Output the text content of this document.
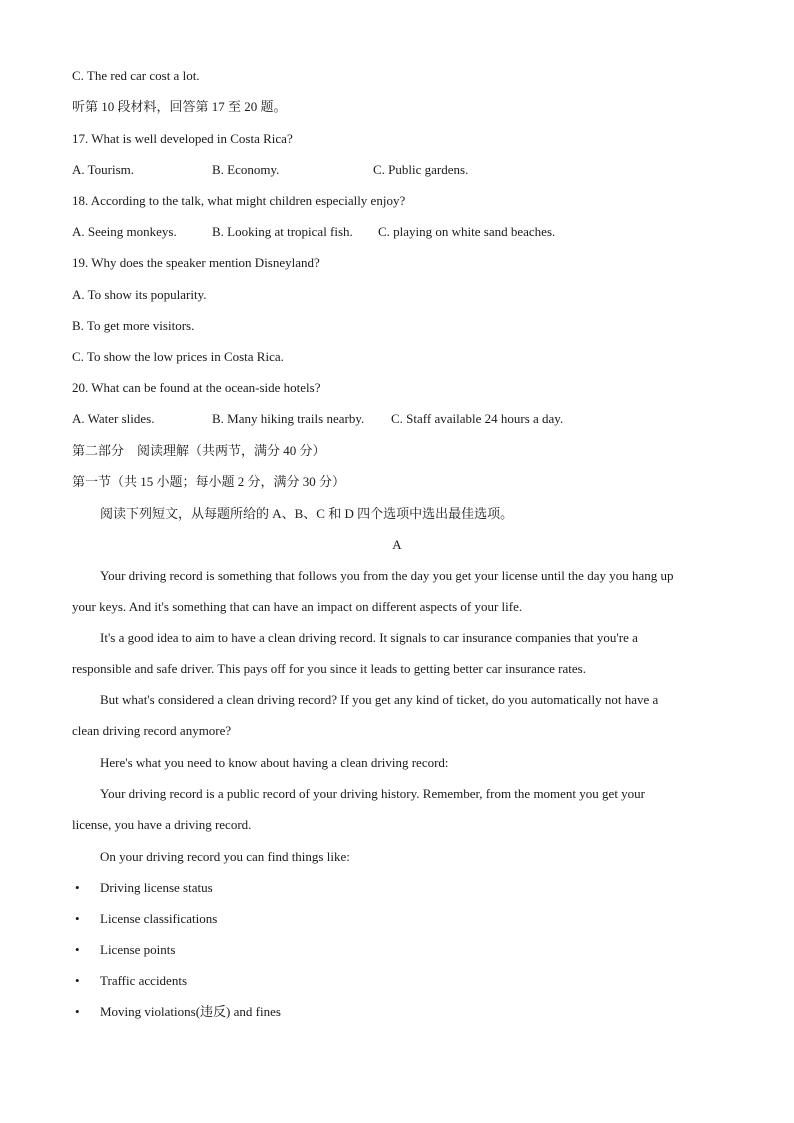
C. The red car cost a lot.
听第 10 段材料，回答第 17 至 20 题。
17. What is well developed in Costa Rica?
A. Tourism.	B. Economy.	C. Public gardens.
18. According to the talk, what might children especially enjoy?
A. Seeing monkeys.	B. Looking at tropical fish. C. playing on white sand beaches.
19. Why does the speaker mention Disneyland?
A. To show its popularity.
B. To get more visitors.
C. To show the low prices in Costa Rica.
20. What can be found at the ocean-side hotels?
A. Water slides.	B. Many hiking trails nearby. C. Staff available 24 hours a day.
第二部分　阅读理解（共两节，满分 40 分）
第一节（共 15 小题；每小题 2 分，满分 30 分）
阅读下列短文，从每题所给的 A、B、C 和 D 四个选项中选出最佳选项。
A
Your driving record is something that follows you from the day you get your license until the day you hang up
your keys. And it's something that can have an impact on different aspects of your life.
It's a good idea to aim to have a clean driving record. It signals to car insurance companies that you're a
responsible and safe driver. This pays off for you since it leads to getting better car insurance rates.
But what's considered a clean driving record? If you get any kind of ticket, do you automatically not have a
clean driving record anymore?
Here's what you need to know about having a clean driving record:
Your driving record is a public record of your driving history. Remember, from the moment you get your
license, you have a driving record.
On your driving record you can find things like:
• Driving license status
• License classifications
• License points
• Traffic accidents
• Moving violations(违反) and fines
